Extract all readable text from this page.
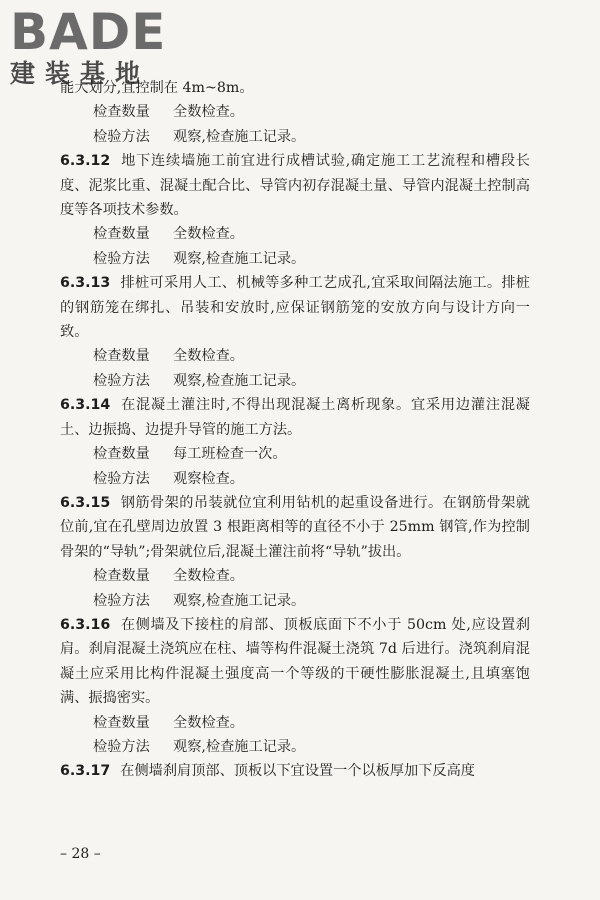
BADE
建装基地

能大划分,宜控制在 4m~8m。

检查数量 全数检查。

检验方法 观察,检查施工记录。

6.3.12 地下连续墙施工前宜进行成槽试验,确定施工工艺流程和槽段长度、泥浆比重、混凝土配合比、导管内初存混凝土量、导管内混凝土控制高度等各项技术参数。

检查数量 全数检查。

检验方法 观察,检查施工记录。

6.3.13 排桩可采用人工、机械等多种工艺成孔,宜采取间隔法施工。排桩的钢筋笼在绑扎、吊装和安放时,应保证钢筋笼的安放方向与设计方向一致。

检查数量 全数检查。

检验方法 观察,检查施工记录。

6.3.14 在混凝土灌注时,不得出现混凝土离析现象。宜采用边灌注混凝土、边振捣、边提升导管的施工方法。

检查数量 每工班检查一次。

检验方法 观察检查。

6.3.15 钢筋骨架的吊装就位宜利用钻机的起重设备进行。在钢筋骨架就位前,宜在孔壁周边放置 3 根距离相等的直径不小于 25mm 钢管,作为控制骨架的“导轨”;骨架就位后,混凝土灌注前将“导轨”拔出。

检查数量 全数检查。

检验方法 观察,检查施工记录。

6.3.16 在侧墙及下接柱的肩部、顶板底面下不小于 50cm 处,应设置刹肩。刹肩混凝土浇筑应在柱、墙等构件混凝土浇筑 7d 后进行。浇筑刹肩混凝土应采用比构件混凝土强度高一个等级的干硬性膨胀混凝土,且填塞饱满、振捣密实。

检查数量 全数检查。

检验方法 观察,检查施工记录。

6.3.17 在侧墙刹肩顶部、顶板以下宜设置一个以板厚加下反高度

– 28 –
